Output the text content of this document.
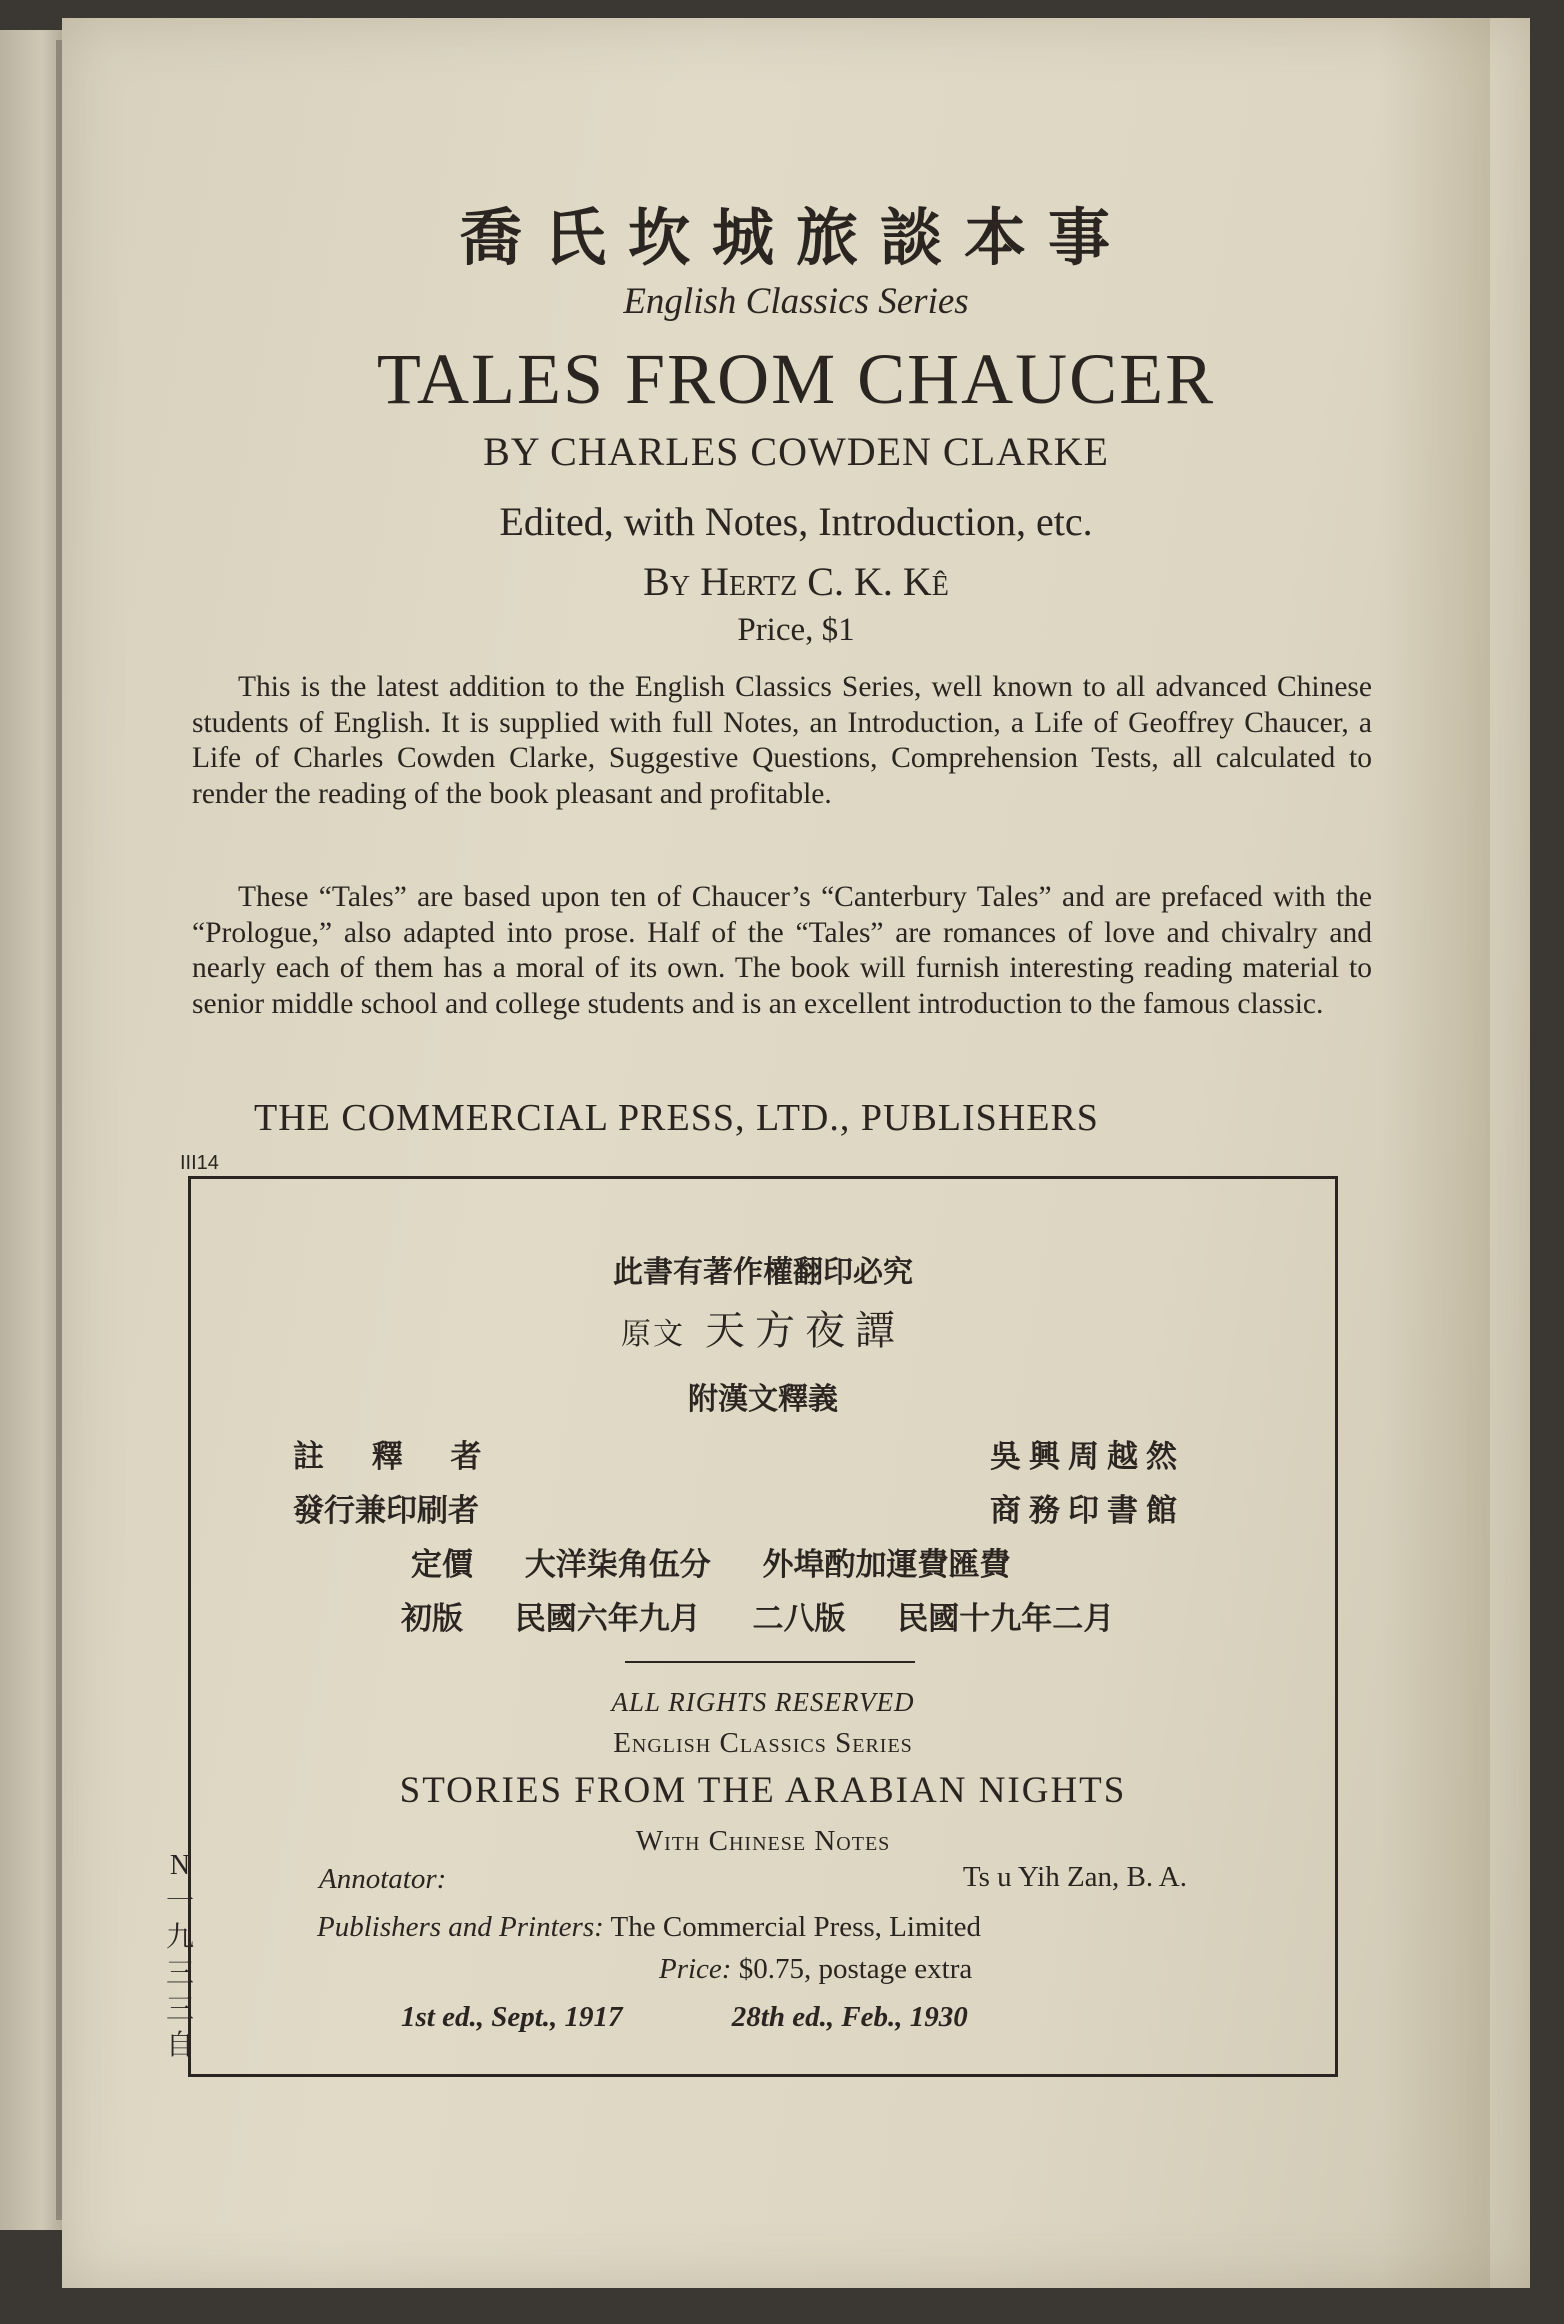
喬氏坎城旅談本事
English Classics Series
TALES FROM CHAUCER
BY CHARLES COWDEN CLARKE
Edited, with Notes, Introduction, etc.
By Hertz C. K. Kê
Price, $1
This is the latest addition to the English Classics Series, well known to all advanced Chinese students of English. It is supplied with full Notes, an Introduction, a Life of Geoffrey Chaucer, a Life of Charles Cowden Clarke, Suggestive Questions, Comprehension Tests, all calculated to render the reading of the book pleasant and profitable.
These “Tales” are based upon ten of Chaucer’s “Canterbury Tales” and are prefaced with the “Prologue,” also adapted into prose. Half of the “Tales” are romances of love and chivalry and nearly each of them has a moral of its own. The book will furnish interesting reading material to senior middle school and college students and is an excellent introduction to the famous classic.
THE COMMERCIAL PRESS, LTD., PUBLISHERS
III14
此書有著作權翻印必究
原文 天方夜譚
附漢文釋義
註 釋 者	吳興周越然
發行兼印刷者	商務印書館
定價 大洋柒角伍分 外埠酌加運費匯費
初版 民國六年九月 二八版 民國十九年二月
ALL RIGHTS RESERVED
English Classics Series
STORIES FROM THE ARABIAN NIGHTS
With Chinese Notes
Annotator:	Ts u Yih Zan, B. A.
Publishers and Printers: The Commercial Press, Limited
Price: $0.75, postage extra
1st ed., Sept., 1917	28th ed., Feb., 1930
N
一
九
三
三
自
